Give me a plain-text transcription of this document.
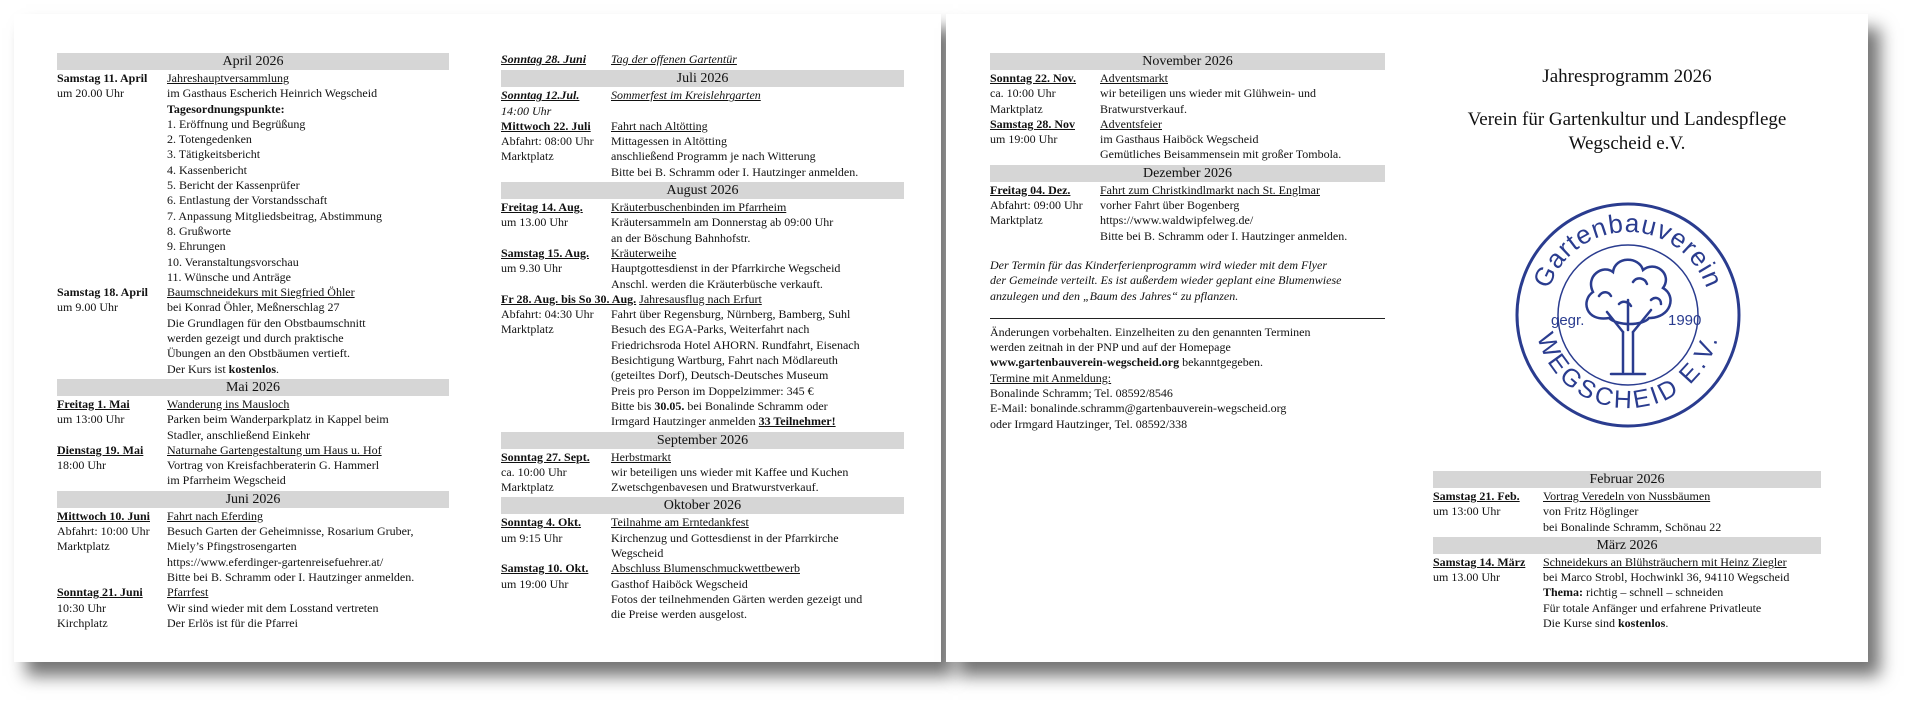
April 2026
Samstag 11. April	Jahreshauptversammlung
um 20.00 Uhr	im Gasthaus Escherich Heinrich Wegscheid
Tagesordnungspunkte:
1. Eröffnung und Begrüßung
2. Totengedenken
3. Tätigkeitsbericht
4. Kassenbericht
5. Bericht der Kassenprüfer
6. Entlastung der Vorstandsschaft
7. Anpassung Mitgliedsbeitrag, Abstimmung
8. Grußworte
9. Ehrungen
10. Veranstaltungsvorschau
11. Wünsche und Anträge
Samstag 18. April	Baumschneidekurs mit Siegfried Öhler
um 9.00 Uhr	bei Konrad Öhler, Meßnerschlag 27
Die Grundlagen für den Obstbaumschnitt
werden gezeigt und durch praktische
Übungen an den Obstbäumen vertieft.
Der Kurs ist kostenlos.
Mai 2026
Freitag 1. Mai	Wanderung ins Mausloch
um 13:00 Uhr	Parken beim Wanderparkplatz in Kappel beim
Stadler, anschließend Einkehr
Dienstag 19. Mai	Naturnahe Gartengestaltung um Haus u. Hof
18:00 Uhr	Vortrag von Kreisfachberaterin G. Hammerl
im Pfarrheim Wegscheid
Juni 2026
Mittwoch 10. Juni	Fahrt nach Eferding
Abfahrt: 10:00 Uhr	Besuch Garten der Geheimnisse, Rosarium Gruber,
Marktplatz	Miely’s Pfingstrosengarten
https://www.eferdinger-gartenreisefuehrer.at/
Bitte bei B. Schramm oder I. Hautzinger anmelden.
Sonntag 21. Juni	Pfarrfest
10:30 Uhr	Wir sind wieder mit dem Losstand vertreten
Kirchplatz	Der Erlös ist für die Pfarrei
Sonntag 28. Juni	Tag der offenen Gartentür
Juli 2026
Sonntag 12.Jul.	Sommerfest im Kreislehrgarten
14:00 Uhr
Mittwoch 22. Juli	Fahrt nach Altötting
Abfahrt: 08:00 Uhr	Mittagessen in Altötting
Marktplatz	anschließend Programm je nach Witterung
Bitte bei B. Schramm oder I. Hautzinger anmelden.
August 2026
Freitag 14. Aug.	Kräuterbuschenbinden im Pfarrheim
um 13.00 Uhr	Kräutersammeln am Donnerstag ab 09:00 Uhr
an der Böschung Bahnhofstr.
Samstag 15. Aug.	Kräuterweihe
um 9.30 Uhr	Hauptgottesdienst in der Pfarrkirche Wegscheid
Anschl. werden die Kräuterbüsche verkauft.
Fr 28. Aug. bis So 30. Aug. Jahresausflug nach Erfurt
Abfahrt: 04:30 Uhr	Fahrt über Regensburg, Nürnberg, Bamberg, Suhl
Marktplatz	Besuch des EGA-Parks, Weiterfahrt nach
Friedrichsroda Hotel AHORN. Rundfahrt, Eisenach
Besichtigung Wartburg, Fahrt nach Mödlareuth
(geteiltes Dorf), Deutsch-Deutsches Museum
Preis pro Person im Doppelzimmer: 345 €
Bitte bis 30.05. bei Bonalinde Schramm oder
Irmgard Hautzinger anmelden 33 Teilnehmer!
September 2026
Sonntag 27. Sept.	Herbstmarkt
ca. 10:00 Uhr	wir beteiligen uns wieder mit Kaffee und Kuchen
Marktplatz	Zwetschgenbavesen und Bratwurstverkauf.
Oktober 2026
Sonntag 4. Okt.	Teilnahme am Erntedankfest
um 9:15 Uhr	Kirchenzug und Gottesdienst in der Pfarrkirche
Wegscheid
Samstag 10. Okt.	Abschluss Blumenschmuckwettbewerb
um 19:00 Uhr	Gasthof Haiböck Wegscheid
Fotos der teilnehmenden Gärten werden gezeigt und
die Preise werden ausgelost.
November 2026
Sonntag 22. Nov.	Adventsmarkt
ca. 10:00 Uhr	wir beteiligen uns wieder mit Glühwein- und
Marktplatz	Bratwurstverkauf.
Samstag 28. Nov	Adventsfeier
um 19:00 Uhr	im Gasthaus Haiböck Wegscheid
Gemütliches Beisammensein mit großer Tombola.
Dezember 2026
Freitag 04. Dez.	Fahrt zum Christkindlmarkt nach St. Englmar
Abfahrt: 09:00 Uhr	vorher Fahrt über Bogenberg
Marktplatz	https://www.waldwipfelweg.de/
Bitte bei B. Schramm oder I. Hautzinger anmelden.
Der Termin für das Kinderferienprogramm wird wieder mit dem Flyer
der Gemeinde verteilt. Es ist außerdem wieder geplant eine Blumenwiese
anzulegen und den „Baum des Jahres“ zu pflanzen.
Änderungen vorbehalten. Einzelheiten zu den genannten Terminen
werden zeitnah in der PNP und auf der Homepage
www.gartenbauverein-wegscheid.org bekanntgegeben.
Termine mit Anmeldung:
Bonalinde Schramm; Tel. 08592/8546
E-Mail: bonalinde.schramm@gartenbauverein-wegscheid.org
oder Irmgard Hautzinger, Tel. 08592/338
Jahresprogramm 2026
Verein für Gartenkultur und Landespflege
Wegscheid e.V.
Gartenbauverein
WEGSCHEID E.V.
gegr.	1990
Februar 2026
Samstag 21. Feb.	Vortrag Veredeln von Nussbäumen
um 13:00 Uhr	von Fritz Höglinger
bei Bonalinde Schramm, Schönau 22
März 2026
Samstag 14. März	Schneidekurs an Blühsträuchern mit Heinz Ziegler
um 13.00 Uhr	bei Marco Strobl, Hochwinkl 36, 94110 Wegscheid
Thema: richtig – schnell – schneiden
Für totale Anfänger und erfahrene Privatleute
Die Kurse sind kostenlos.
